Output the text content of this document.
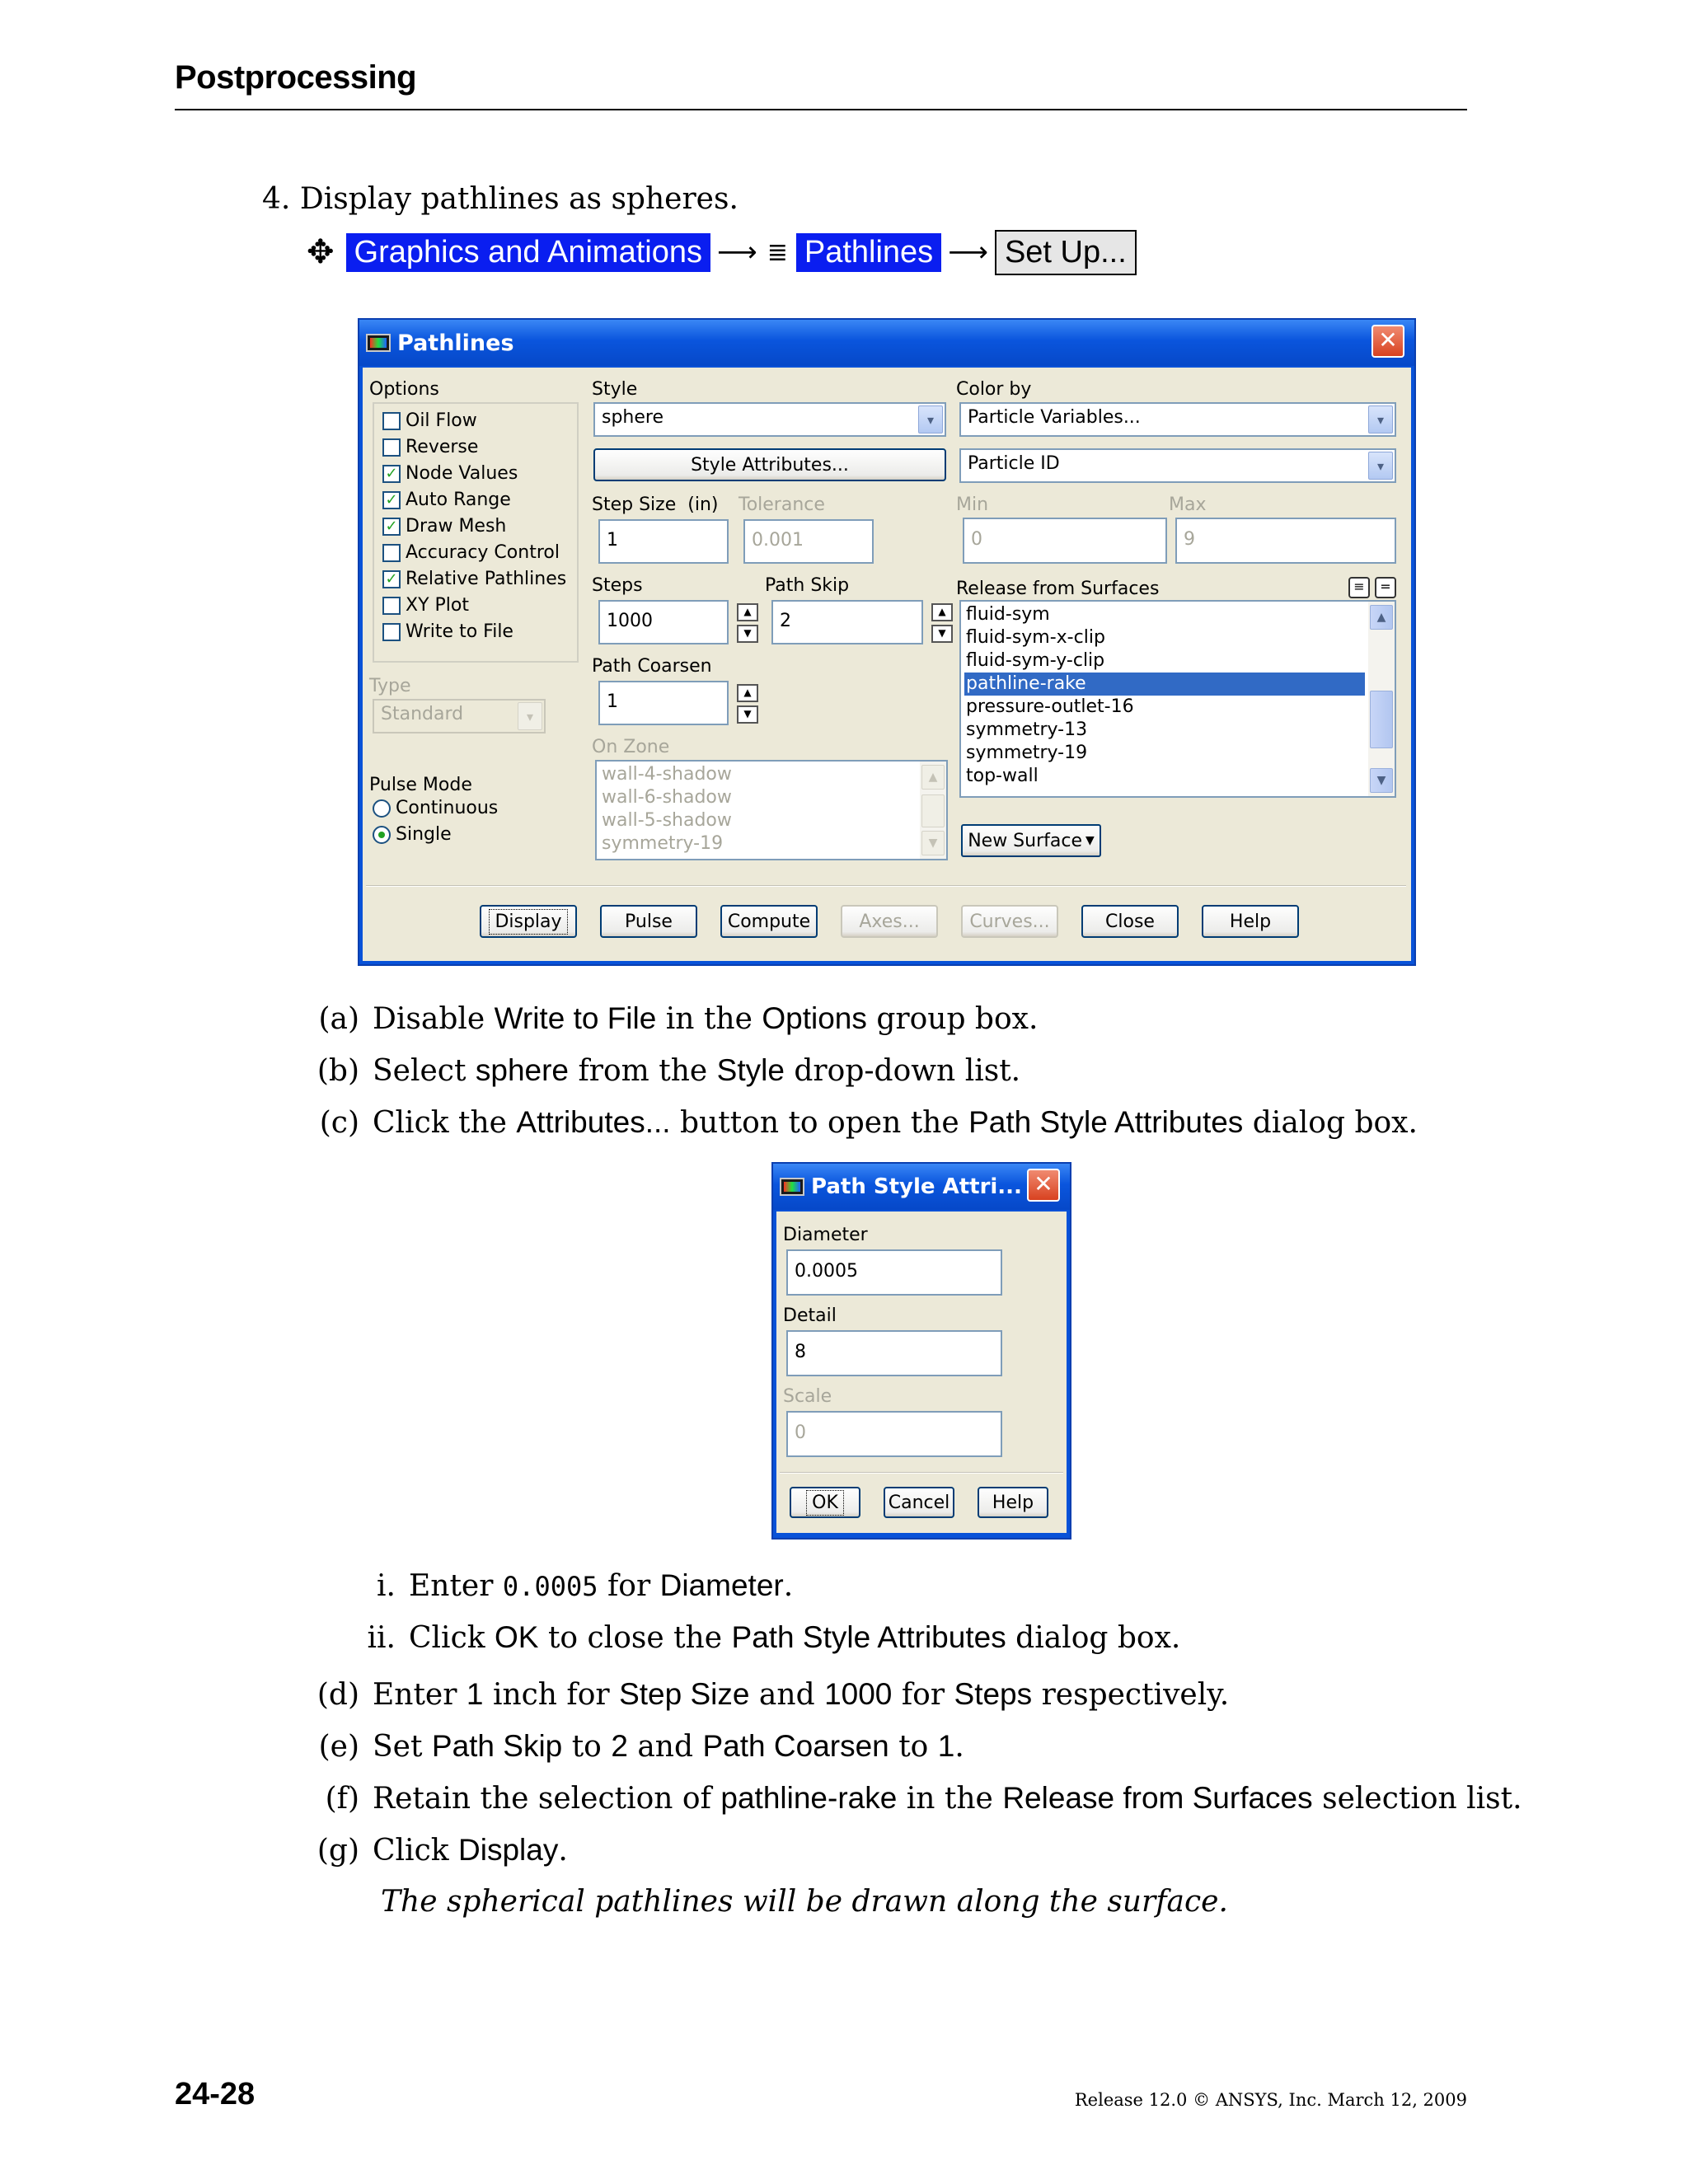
Postprocessing
4. Display pathlines as spheres.
✥ Graphics and Animations ⟶ ≣ Pathlines ⟶ Set Up...
Pathlines	✕
Options
Oil Flow
Reverse
✓ Node Values
✓ Auto Range
✓ Draw Mesh
Accuracy Control
✓ Relative Pathlines
XY Plot
Write to File
Type
Standard	▾
Pulse Mode
Continuous
Single
Style
sphere	▾
Style Attributes...
Step Size (in) Tolerance
1	0.001
Steps	Path Skip
1000	▲
▼
2	▲
▼
Path Coarsen
1	▲
▼
On Zone
wall-4-shadow
wall-6-shadow
wall-5-shadow
symmetry-19
▲
▼
Color by
Particle Variables...	▾
Particle ID	▾
Min	Max
0	9
Release from Surfaces	≡	=
fluid-sym
fluid-sym-x-clip
fluid-sym-y-clip
pathline-rake
pressure-outlet-16
symmetry-13
symmetry-19
top-wall
▲
▼
New Surface ▼
Display	Pulse	Compute	Axes...	Curves...	Close	Help
(a) Disable Write to File in the Options group box.
(b) Select sphere from the Style drop-down list.
(c) Click the Attributes... button to open the Path Style Attributes dialog box.
Path Style Attri... ✕
Diameter
0.0005
Detail
8
Scale
0
OK	Cancel Help
i. Enter 0.0005 for Diameter.
ii. Click OK to close the Path Style Attributes dialog box.
(d) Enter 1 inch for Step Size and 1000 for Steps respectively.
(e) Set Path Skip to 2 and Path Coarsen to 1.
(f) Retain the selection of pathline-rake in the Release from Surfaces selection list.
(g) Click Display.
The spherical pathlines will be drawn along the surface.
24-28	Release 12.0 © ANSYS, Inc. March 12, 2009
